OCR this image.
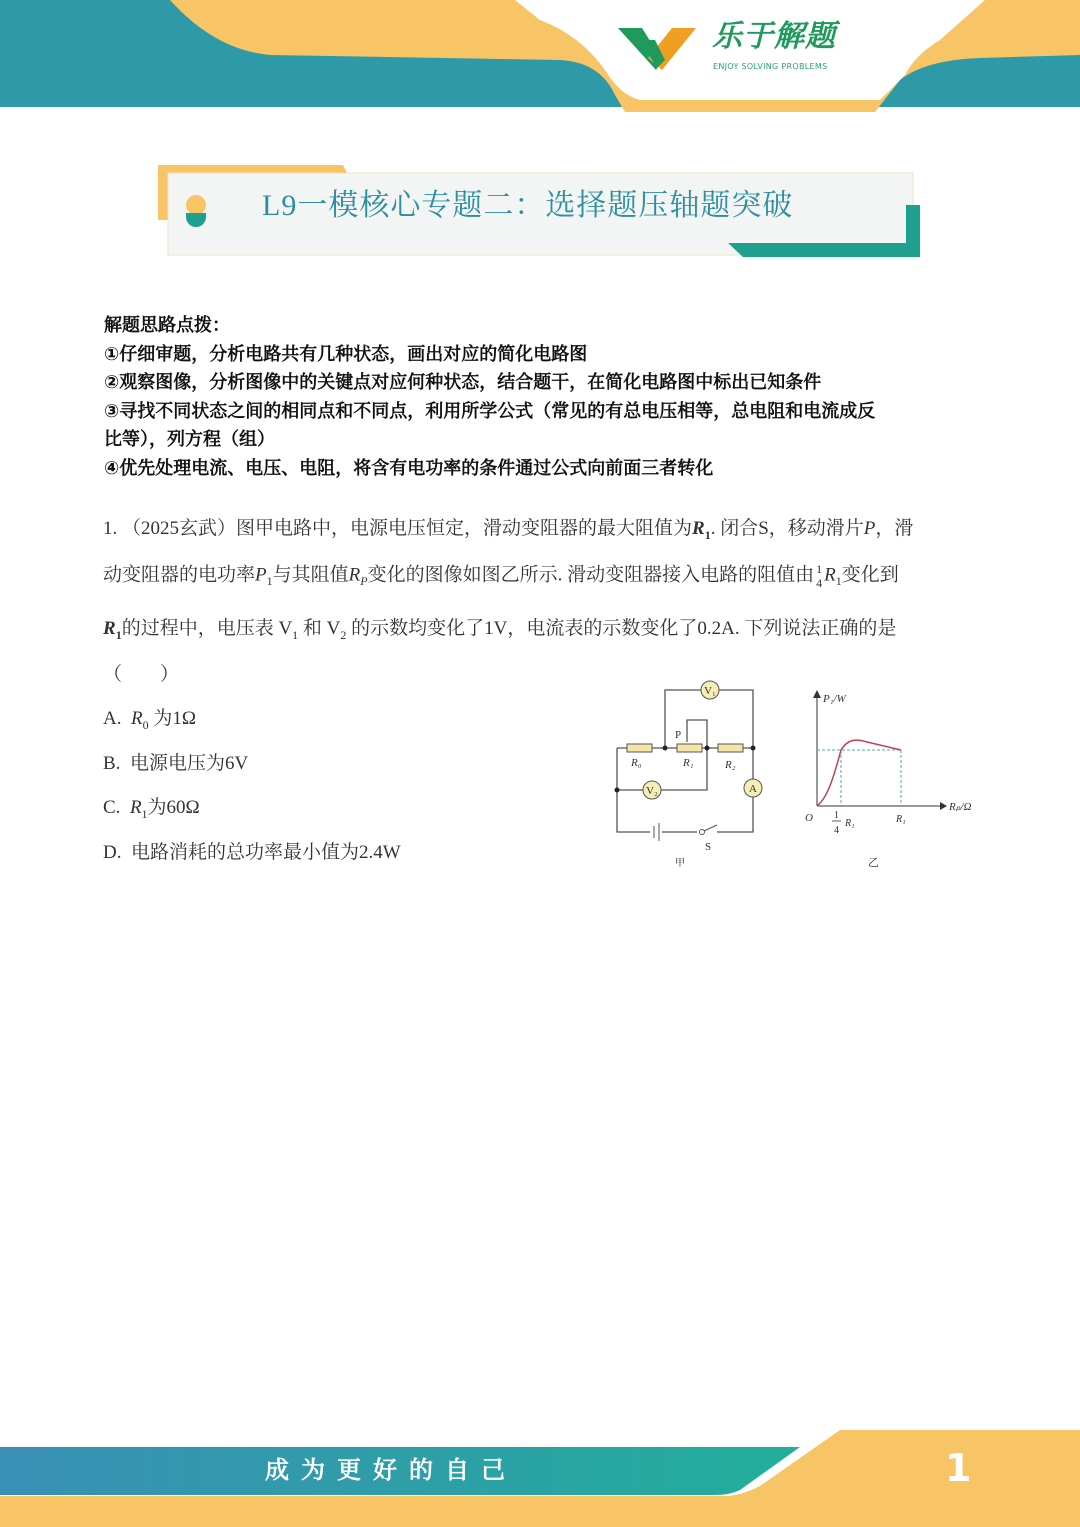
乐于解题
ENJOY SOLVING PROBLEMS
L9一模核心专题二：选择题压轴题突破
解题思路点拨：
①仔细审题，分析电路共有几种状态，画出对应的简化电路图
②观察图像，分析图像中的关键点对应何种状态，结合题干，在简化电路图中标出已知条件
③寻找不同状态之间的相同点和不同点，利用所学公式（常见的有总电压相等，总电阻和电流成反
比等），列方程（组）
④优先处理电流、电压、电阻，将含有电功率的条件通过公式向前面三者转化
1. （2025玄武）图甲电路中，电源电压恒定，滑动变阻器的最大阻值为$R_1$. 闭合S，移动滑片P，滑
动变阻器的电功率$P_1$与其阻值$R_P$变化的图像如图乙所示. 滑动变阻器接入电路的阻值由 1
4 $R_1$变化到
$R_1$的过程中，电压表 $V_1$ 和 $V_2$ 的示数均变化了1V，电流表的示数变化了0.2A. 下列说法正确的是
（　　）
A. $R_0$ 为1Ω
B. 电源电压为6V
C. $R_1$为60Ω
D. 电路消耗的总功率最小值为2.4W
V₁
V₂	A
P
R₀	R₁	R₂
S
甲
P₁/W
Rₚ/Ω
O 1
4
R₁	R₁
乙
成为更好的自己	1
